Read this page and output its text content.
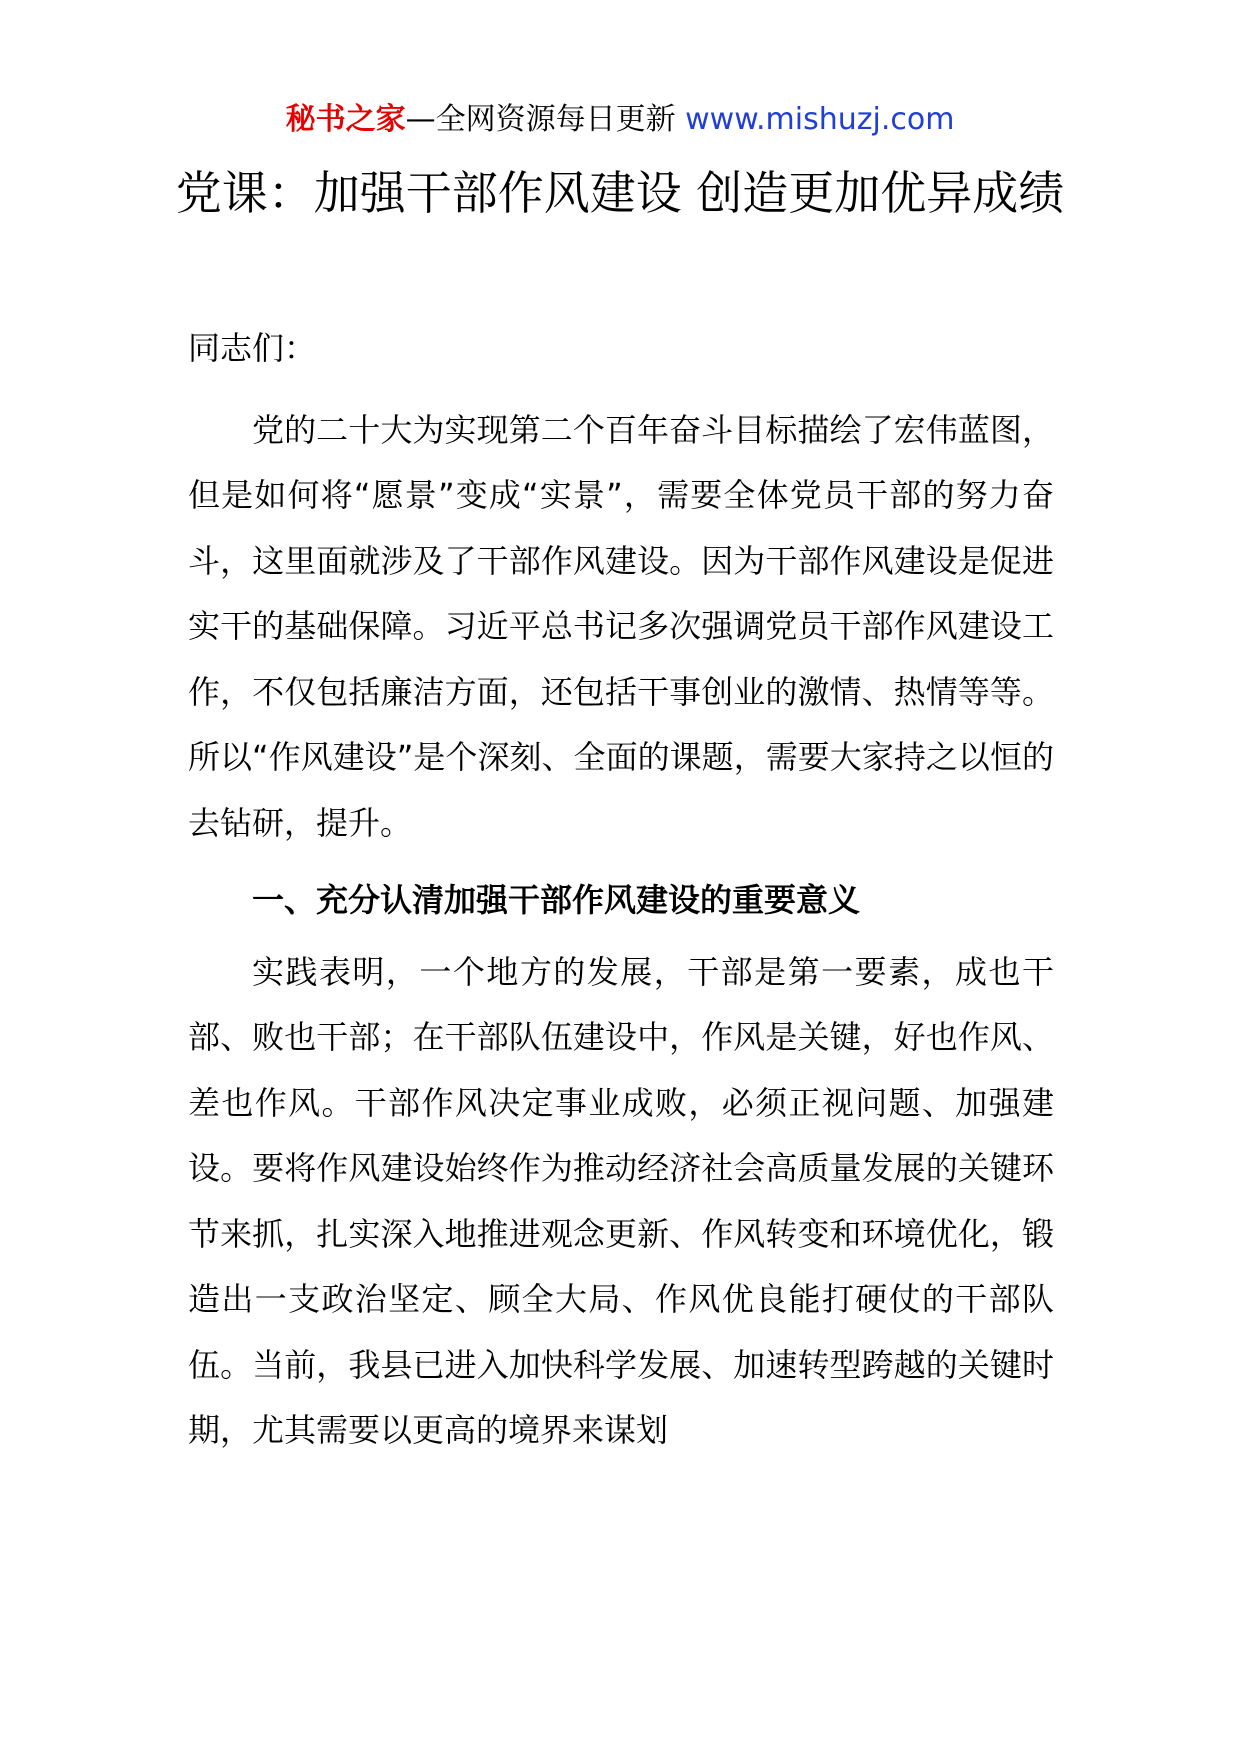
秘书之家—全网资源每日更新 www.mishuzj.com
党课：加强干部作风建设 创造更加优异成绩

同志们：

党的二十大为实现第二个百年奋斗目标描绘了宏伟蓝图，但是如何将“愿景”变成“实景”，需要全体党员干部的努力奋斗，这里面就涉及了干部作风建设。因为干部作风建设是促进实干的基础保障。习近平总书记多次强调党员干部作风建设工作，不仅包括廉洁方面，还包括干事创业的激情、热情等等。所以“作风建设”是个深刻、全面的课题，需要大家持之以恒的去钻研，提升。

一、充分认清加强干部作风建设的重要意义

实践表明，一个地方的发展，干部是第一要素，成也干部、败也干部；在干部队伍建设中，作风是关键，好也作风、差也作风。干部作风决定事业成败，必须正视问题、加强建设。要将作风建设始终作为推动经济社会高质量发展的关键环节来抓，扎实深入地推进观念更新、作风转变和环境优化，锻造出一支政治坚定、顾全大局、作风优良能打硬仗的干部队伍。当前，我县已进入加快科学发展、加速转型跨越的关键时期，尤其需要以更高的境界来谋划
